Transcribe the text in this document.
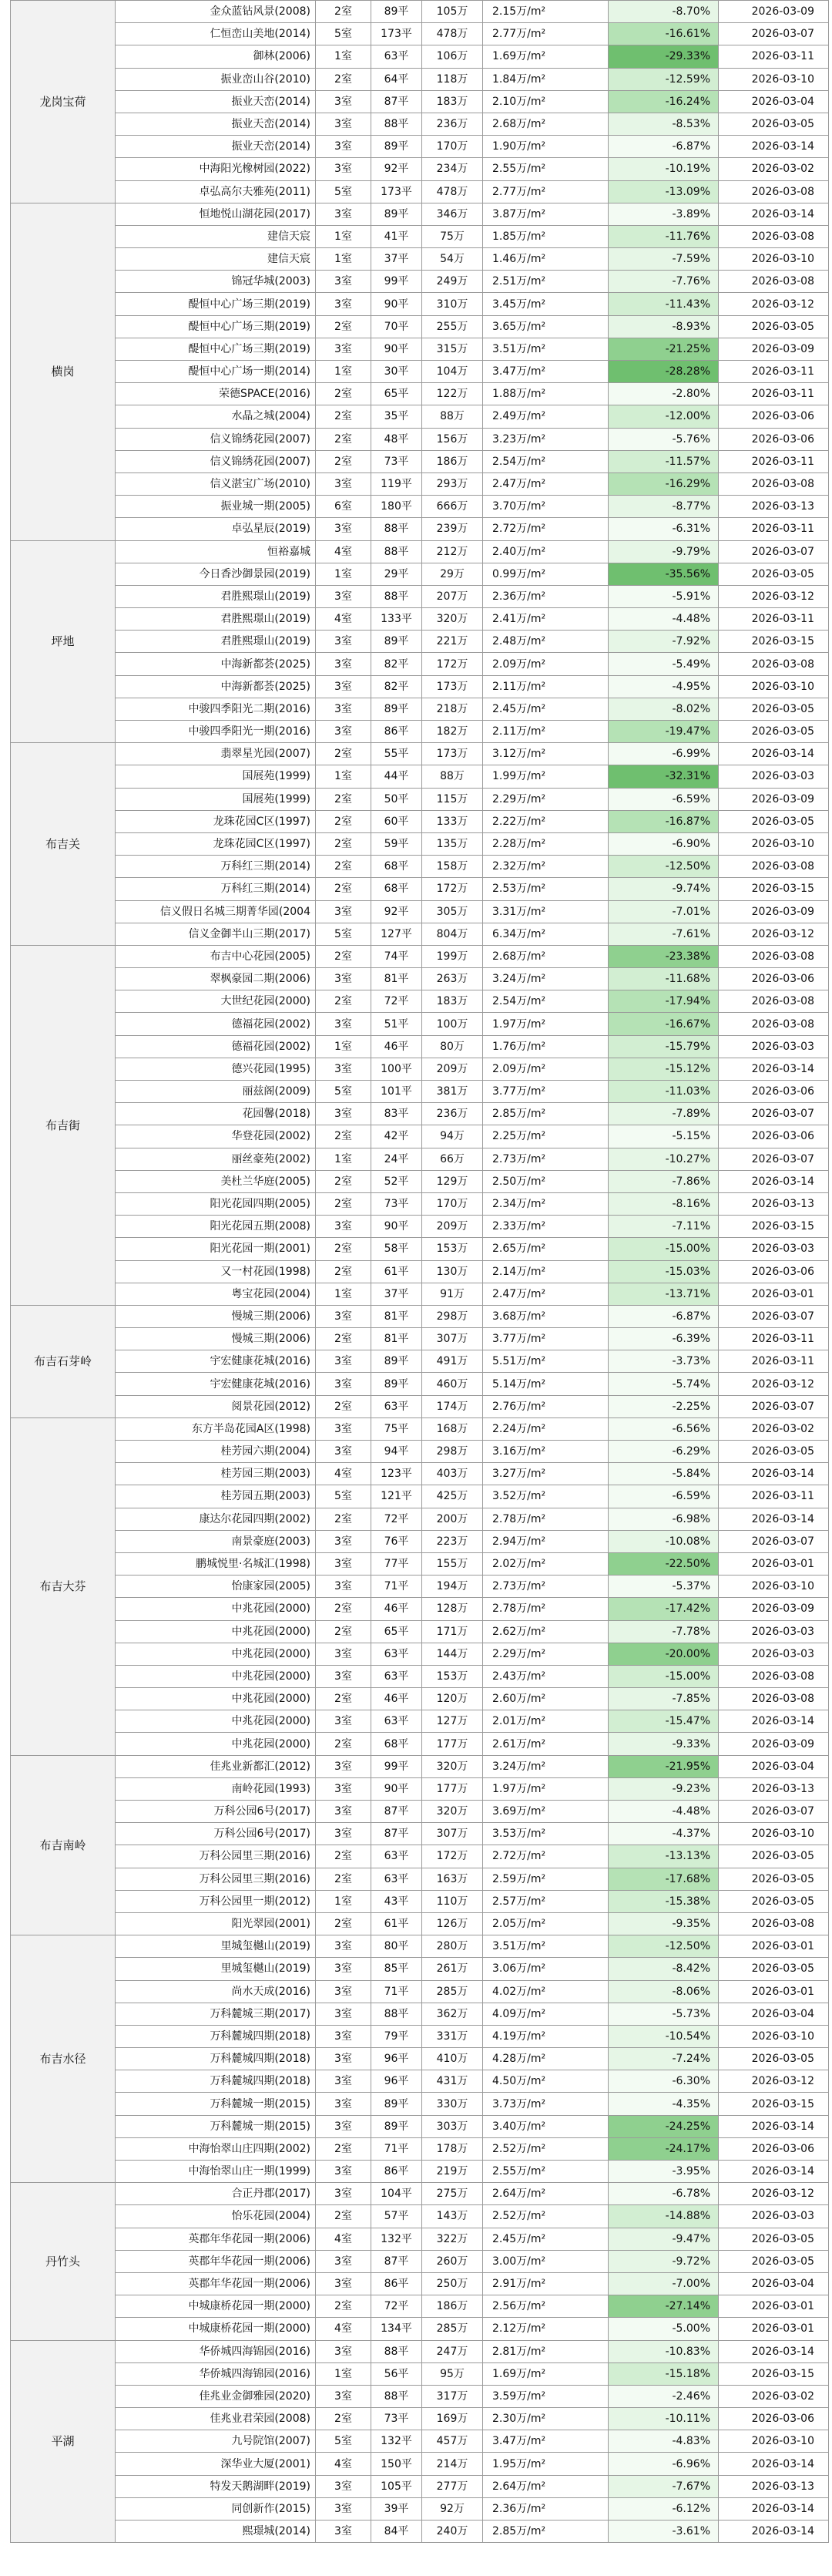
龙岗宝荷	金众蓝钻风景(2008)	2室	89平	105万	2.15万/m²	-8.70%	2026-03-09
	仁恒峦山美地(2014)	5室	173平	478万	2.77万/m²	-16.61%	2026-03-07
	御林(2006)	1室	63平	106万	1.69万/m²	-29.33%	2026-03-11
	振业峦山谷(2010)	2室	64平	118万	1.84万/m²	-12.59%	2026-03-10
	振业天峦(2014)	3室	87平	183万	2.10万/m²	-16.24%	2026-03-04
	振业天峦(2014)	3室	88平	236万	2.68万/m²	-8.53%	2026-03-05
	振业天峦(2014)	3室	89平	170万	1.90万/m²	-6.87%	2026-03-14
	中海阳光橡树园(2022)	3室	92平	234万	2.55万/m²	-10.19%	2026-03-02
	卓弘高尔夫雅苑(2011)	5室	173平	478万	2.77万/m²	-13.09%	2026-03-08
横岗	恒地悦山湖花园(2017)	3室	89平	346万	3.87万/m²	-3.89%	2026-03-14
	建信天宸	1室	41平	75万	1.85万/m²	-11.76%	2026-03-08
	建信天宸	1室	37平	54万	1.46万/m²	-7.59%	2026-03-10
	锦冠华城(2003)	3室	99平	249万	2.51万/m²	-7.76%	2026-03-08
	醍恒中心广场三期(2019)	3室	90平	310万	3.45万/m²	-11.43%	2026-03-12
	醍恒中心广场三期(2019)	2室	70平	255万	3.65万/m²	-8.93%	2026-03-05
	醍恒中心广场三期(2019)	3室	90平	315万	3.51万/m²	-21.25%	2026-03-09
	醍恒中心广场一期(2014)	1室	30平	104万	3.47万/m²	-28.28%	2026-03-11
	荣德SPACE(2016)	2室	65平	122万	1.88万/m²	-2.80%	2026-03-11
	水晶之城(2004)	2室	35平	88万	2.49万/m²	-12.00%	2026-03-06
	信义锦绣花园(2007)	2室	48平	156万	3.23万/m²	-5.76%	2026-03-06
	信义锦绣花园(2007)	2室	73平	186万	2.54万/m²	-11.57%	2026-03-11
	信义湛宝广场(2010)	3室	119平	293万	2.47万/m²	-16.29%	2026-03-08
	振业城一期(2005)	6室	180平	666万	3.70万/m²	-8.77%	2026-03-13
	卓弘星辰(2019)	3室	88平	239万	2.72万/m²	-6.31%	2026-03-11
坪地	恒裕嘉城	4室	88平	212万	2.40万/m²	-9.79%	2026-03-07
	今日香沙御景园(2019)	1室	29平	29万	0.99万/m²	-35.56%	2026-03-05
	君胜熙璟山(2019)	3室	88平	207万	2.36万/m²	-5.91%	2026-03-12
	君胜熙璟山(2019)	4室	133平	320万	2.41万/m²	-4.48%	2026-03-11
	君胜熙璟山(2019)	3室	89平	221万	2.48万/m²	-7.92%	2026-03-15
	中海新都荟(2025)	3室	82平	172万	2.09万/m²	-5.49%	2026-03-08
	中海新都荟(2025)	3室	82平	173万	2.11万/m²	-4.95%	2026-03-10
	中骏四季阳光二期(2016)	3室	89平	218万	2.45万/m²	-8.02%	2026-03-05
	中骏四季阳光一期(2016)	3室	86平	182万	2.11万/m²	-19.47%	2026-03-05
布吉关	翡翠星光园(2007)	2室	55平	173万	3.12万/m²	-6.99%	2026-03-14
	国展苑(1999)	1室	44平	88万	1.99万/m²	-32.31%	2026-03-03
	国展苑(1999)	2室	50平	115万	2.29万/m²	-6.59%	2026-03-09
	龙珠花园C区(1997)	2室	60平	133万	2.22万/m²	-16.87%	2026-03-05
	龙珠花园C区(1997)	2室	59平	135万	2.28万/m²	-6.90%	2026-03-10
	万科红三期(2014)	2室	68平	158万	2.32万/m²	-12.50%	2026-03-08
	万科红三期(2014)	2室	68平	172万	2.53万/m²	-9.74%	2026-03-15
	信义假日名城三期菁华园(2004	3室	92平	305万	3.31万/m²	-7.01%	2026-03-09
	信义金御半山三期(2017)	5室	127平	804万	6.34万/m²	-7.61%	2026-03-12
布吉街	布吉中心花园(2005)	2室	74平	199万	2.68万/m²	-23.38%	2026-03-08
	翠枫豪园二期(2006)	3室	81平	263万	3.24万/m²	-11.68%	2026-03-06
	大世纪花园(2000)	2室	72平	183万	2.54万/m²	-17.94%	2026-03-08
	德福花园(2002)	3室	51平	100万	1.97万/m²	-16.67%	2026-03-08
	德福花园(2002)	1室	46平	80万	1.76万/m²	-15.79%	2026-03-03
	德兴花园(1995)	3室	100平	209万	2.09万/m²	-15.12%	2026-03-14
	丽兹阁(2009)	5室	101平	381万	3.77万/m²	-11.03%	2026-03-06
	花园馨(2018)	3室	83平	236万	2.85万/m²	-7.89%	2026-03-07
	华登花园(2002)	2室	42平	94万	2.25万/m²	-5.15%	2026-03-06
	丽丝豪苑(2002)	1室	24平	66万	2.73万/m²	-10.27%	2026-03-07
	美杜兰华庭(2005)	2室	52平	129万	2.50万/m²	-7.86%	2026-03-14
	阳光花园四期(2005)	2室	73平	170万	2.34万/m²	-8.16%	2026-03-13
	阳光花园五期(2008)	3室	90平	209万	2.33万/m²	-7.11%	2026-03-15
	阳光花园一期(2001)	2室	58平	153万	2.65万/m²	-15.00%	2026-03-03
	又一村花园(1998)	2室	61平	130万	2.14万/m²	-15.03%	2026-03-06
	粤宝花园(2004)	1室	37平	91万	2.47万/m²	-13.71%	2026-03-01
布吉石芽岭	慢城三期(2006)	3室	81平	298万	3.68万/m²	-6.87%	2026-03-07
	慢城三期(2006)	2室	81平	307万	3.77万/m²	-6.39%	2026-03-11
	宇宏健康花城(2016)	3室	89平	491万	5.51万/m²	-3.73%	2026-03-11
	宇宏健康花城(2016)	3室	89平	460万	5.14万/m²	-5.74%	2026-03-12
	阅景花园(2012)	2室	63平	174万	2.76万/m²	-2.25%	2026-03-07
布吉大芬	东方半岛花园A区(1998)	3室	75平	168万	2.24万/m²	-6.56%	2026-03-02
	桂芳园六期(2004)	3室	94平	298万	3.16万/m²	-6.29%	2026-03-05
	桂芳园三期(2003)	4室	123平	403万	3.27万/m²	-5.84%	2026-03-14
	桂芳园五期(2003)	5室	121平	425万	3.52万/m²	-6.59%	2026-03-11
	康达尔花园四期(2002)	2室	72平	200万	2.78万/m²	-6.98%	2026-03-14
	南景豪庭(2003)	3室	76平	223万	2.94万/m²	-10.08%	2026-03-07
	鹏城悦里·名城汇(1998)	3室	77平	155万	2.02万/m²	-22.50%	2026-03-01
	怡康家园(2005)	3室	71平	194万	2.73万/m²	-5.37%	2026-03-10
	中兆花园(2000)	2室	46平	128万	2.78万/m²	-17.42%	2026-03-09
	中兆花园(2000)	2室	65平	171万	2.62万/m²	-7.78%	2026-03-03
	中兆花园(2000)	3室	63平	144万	2.29万/m²	-20.00%	2026-03-03
	中兆花园(2000)	3室	63平	153万	2.43万/m²	-15.00%	2026-03-08
	中兆花园(2000)	2室	46平	120万	2.60万/m²	-7.85%	2026-03-08
	中兆花园(2000)	3室	63平	127万	2.01万/m²	-15.47%	2026-03-14
	中兆花园(2000)	2室	68平	177万	2.61万/m²	-9.33%	2026-03-09
布吉南岭	佳兆业新都汇(2012)	3室	99平	320万	3.24万/m²	-21.95%	2026-03-04
	南岭花园(1993)	3室	90平	177万	1.97万/m²	-9.23%	2026-03-13
	万科公园6号(2017)	3室	87平	320万	3.69万/m²	-4.48%	2026-03-07
	万科公园6号(2017)	3室	87平	307万	3.53万/m²	-4.37%	2026-03-10
	万科公园里三期(2016)	2室	63平	172万	2.72万/m²	-13.13%	2026-03-05
	万科公园里三期(2016)	2室	63平	163万	2.59万/m²	-17.68%	2026-03-05
	万科公园里一期(2012)	1室	43平	110万	2.57万/m²	-15.38%	2026-03-05
	阳光翠园(2001)	2室	61平	126万	2.05万/m²	-9.35%	2026-03-08
布吉水径	里城玺樾山(2019)	3室	80平	280万	3.51万/m²	-12.50%	2026-03-01
	里城玺樾山(2019)	3室	85平	261万	3.06万/m²	-8.42%	2026-03-05
	尚水天成(2016)	3室	71平	285万	4.02万/m²	-8.06%	2026-03-01
	万科麓城三期(2017)	3室	88平	362万	4.09万/m²	-5.73%	2026-03-04
	万科麓城四期(2018)	3室	79平	331万	4.19万/m²	-10.54%	2026-03-10
	万科麓城四期(2018)	3室	96平	410万	4.28万/m²	-7.24%	2026-03-05
	万科麓城四期(2018)	3室	96平	431万	4.50万/m²	-6.30%	2026-03-12
	万科麓城一期(2015)	3室	89平	330万	3.73万/m²	-4.35%	2026-03-15
	万科麓城一期(2015)	3室	89平	303万	3.40万/m²	-24.25%	2026-03-14
	中海怡翠山庄四期(2002)	2室	71平	178万	2.52万/m²	-24.17%	2026-03-06
	中海怡翠山庄一期(1999)	3室	86平	219万	2.55万/m²	-3.95%	2026-03-14
丹竹头	合正丹郡(2017)	3室	104平	275万	2.64万/m²	-6.78%	2026-03-12
	怡乐花园(2004)	2室	57平	143万	2.52万/m²	-14.88%	2026-03-03
	英郡年华花园一期(2006)	4室	132平	322万	2.45万/m²	-9.47%	2026-03-05
	英郡年华花园一期(2006)	3室	87平	260万	3.00万/m²	-9.72%	2026-03-05
	英郡年华花园一期(2006)	3室	86平	250万	2.91万/m²	-7.00%	2026-03-04
	中城康桥花园一期(2000)	2室	72平	186万	2.56万/m²	-27.14%	2026-03-01
	中城康桥花园一期(2000)	4室	134平	285万	2.12万/m²	-5.00%	2026-03-01
平湖	华侨城四海锦园(2016)	3室	88平	247万	2.81万/m²	-10.83%	2026-03-14
	华侨城四海锦园(2016)	1室	56平	95万	1.69万/m²	-15.18%	2026-03-15
	佳兆业金御雅园(2020)	3室	88平	317万	3.59万/m²	-2.46%	2026-03-02
	佳兆业君荣园(2008)	2室	73平	169万	2.30万/m²	-10.11%	2026-03-06
	九号院馆(2007)	5室	132平	457万	3.47万/m²	-4.83%	2026-03-10
	深华业大厦(2001)	4室	150平	214万	1.95万/m²	-6.96%	2026-03-14
	特发天鹅湖畔(2019)	3室	105平	277万	2.64万/m²	-7.67%	2026-03-13
	同创新作(2015)	3室	39平	92万	2.36万/m²	-6.12%	2026-03-14
	熙璟城(2014)	3室	84平	240万	2.85万/m²	-3.61%	2026-03-14
